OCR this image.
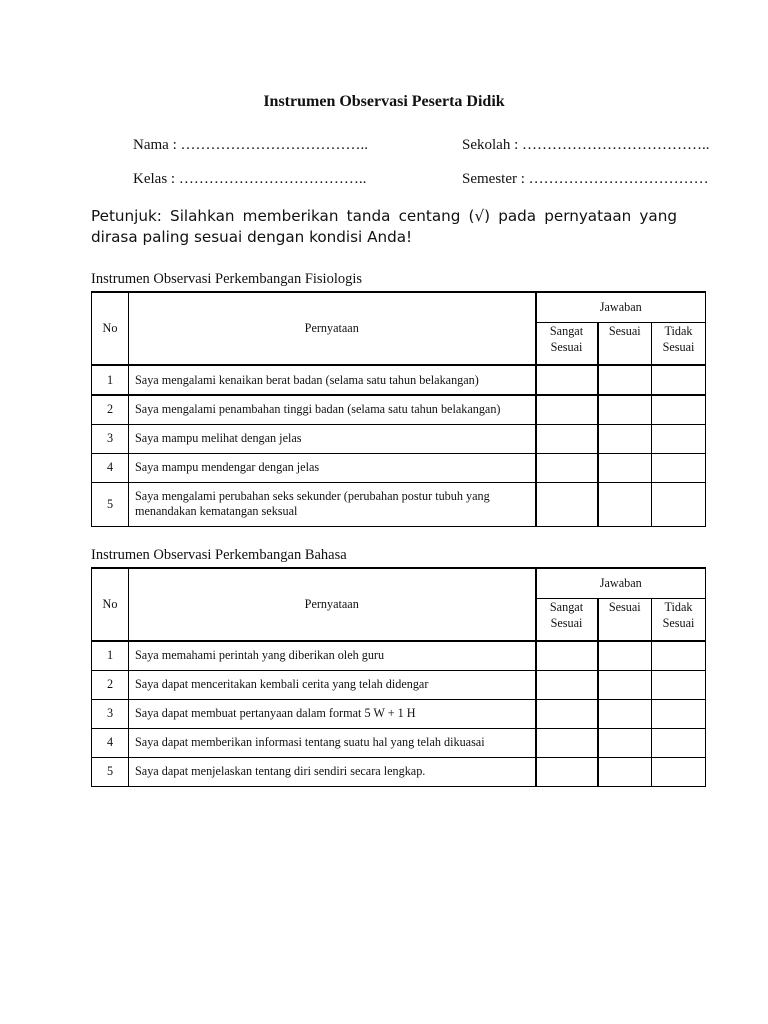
Instrumen Observasi Peserta Didik
Nama : ………………………………..	Sekolah : ………………………………..
Kelas : ………………………………..	Semester : ………………………………
Petunjuk: Silahkan memberikan tanda centang (√) pada pernyataan yang dirasa paling sesuai dengan kondisi Anda!
Instrumen Observasi Perkembangan Fisiologis
No	Pernyataan	Jawaban		
		Sangat Sesuai	Sesuai	Tidak Sesuai
1	Saya mengalami kenaikan berat badan (selama satu tahun belakangan)			
2	Saya mengalami penambahan tinggi badan (selama satu tahun belakangan)			
3	Saya mampu melihat dengan jelas			
4	Saya mampu mendengar dengan jelas			
5	Saya mengalami perubahan seks sekunder (perubahan postur tubuh yang menandakan kematangan seksual			
Instrumen Observasi Perkembangan Bahasa
No	Pernyataan	Jawaban		
		Sangat Sesuai	Sesuai	Tidak Sesuai
1	Saya memahami perintah yang diberikan oleh guru			
2	Saya dapat menceritakan kembali cerita yang telah didengar			
3	Saya dapat membuat pertanyaan dalam format 5 W + 1 H			
4	Saya dapat memberikan informasi tentang suatu hal yang telah dikuasai			
5	Saya dapat menjelaskan tentang diri sendiri secara lengkap.			
